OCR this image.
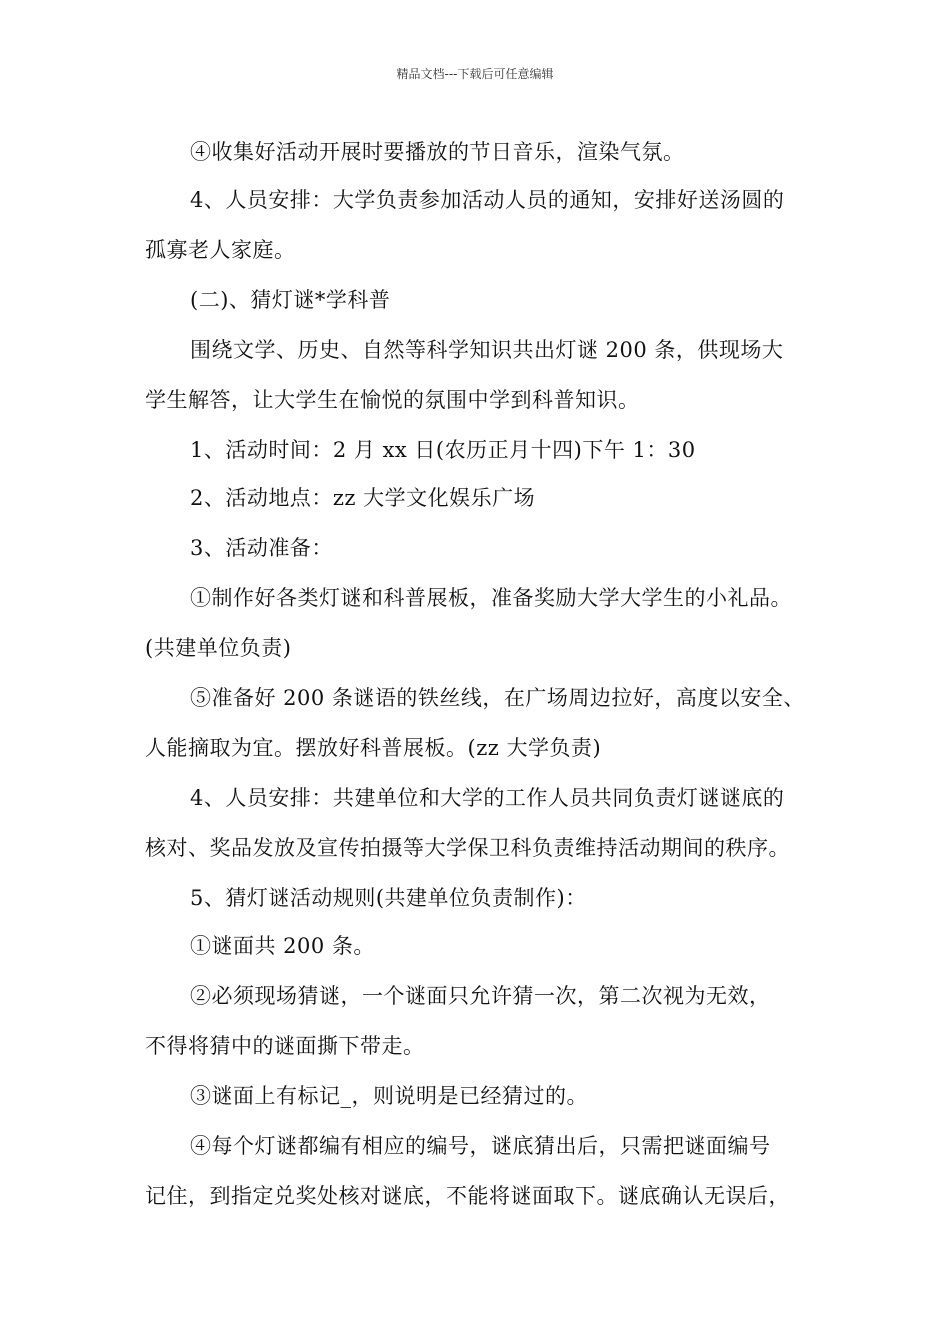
精品文档---下载后可任意编辑
④收集好活动开展时要播放的节日音乐，渲染气氛。
4、人员安排：大学负责参加活动人员的通知，安排好送汤圆的
孤寡老人家庭。
(二)、猜灯谜*学科普
围绕文学、历史、自然等科学知识共出灯谜 200 条，供现场大
学生解答，让大学生在愉悦的氛围中学到科普知识。
1、活动时间：2 月 xx 日(农历正月十四)下午 1：30
2、活动地点：zz 大学文化娱乐广场
3、活动准备：
①制作好各类灯谜和科普展板，准备奖励大学大学生的小礼品。
(共建单位负责)
⑤准备好 200 条谜语的铁丝线，在广场周边拉好，高度以安全、
人能摘取为宜。摆放好科普展板。(zz 大学负责)
4、人员安排：共建单位和大学的工作人员共同负责灯谜谜底的
核对、奖品发放及宣传拍摄等大学保卫科负责维持活动期间的秩序。
5、猜灯谜活动规则(共建单位负责制作)：
①谜面共 200 条。
②必须现场猜谜，一个谜面只允许猜一次，第二次视为无效，
不得将猜中的谜面撕下带走。
③谜面上有标记_，则说明是已经猜过的。
④每个灯谜都编有相应的编号，谜底猜出后，只需把谜面编号
记住，到指定兑奖处核对谜底，不能将谜面取下。谜底确认无误后，
